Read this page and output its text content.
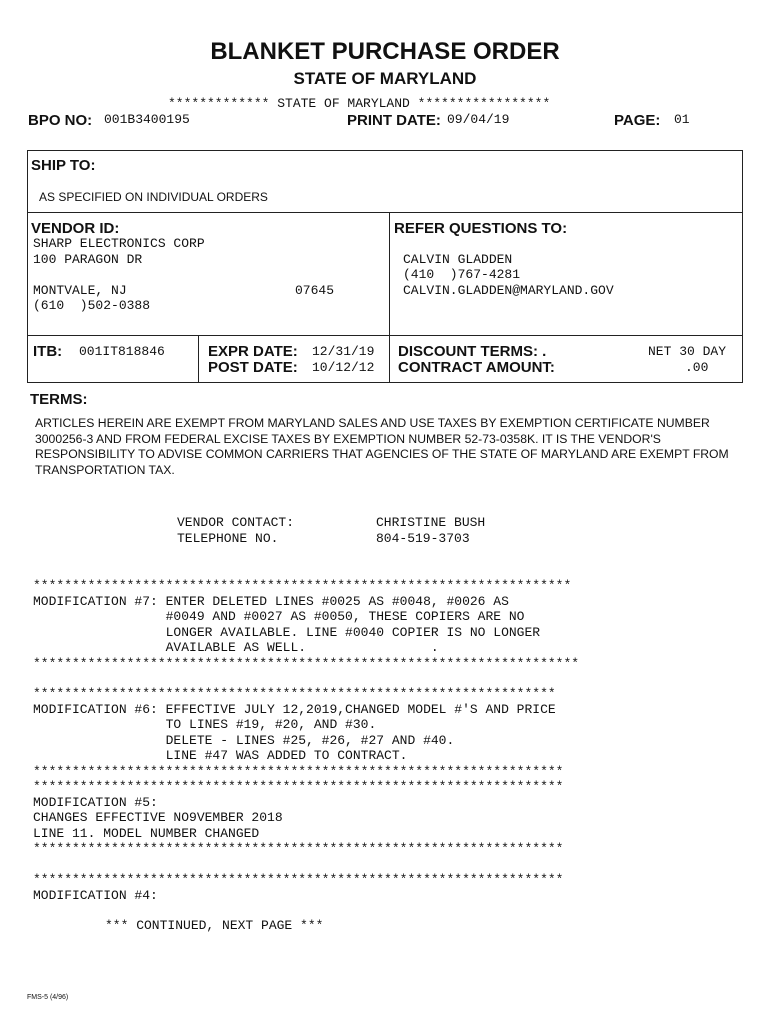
BLANKET PURCHASE ORDER
STATE OF MARYLAND
************* STATE OF MARYLAND *****************
BPO NO: 001B3400195	PRINT DATE: 09/04/19	PAGE: 01
SHIP TO:
AS SPECIFIED ON INDIVIDUAL ORDERS
VENDOR ID:
SHARP ELECTRONICS CORP
100 PARAGON DR
MONTVALE, NJ	07645
(610  )502-0388
REFER QUESTIONS TO:
CALVIN GLADDEN
(410  )767-4281
CALVIN.GLADDEN@MARYLAND.GOV
ITB: 001IT818846	EXPR DATE: 12/31/19
POST DATE: 10/12/12
DISCOUNT TERMS: .	NET 30 DAY
CONTRACT AMOUNT:	.00
TERMS:
ARTICLES HEREIN ARE EXEMPT FROM MARYLAND SALES AND USE TAXES BY EXEMPTION CERTIFICATE NUMBER 3000256-3 AND FROM FEDERAL EXCISE TAXES BY EXEMPTION NUMBER 52-73-0358K. IT IS THE VENDOR'S RESPONSIBILITY TO ADVISE COMMON CARRIERS THAT AGENCIES OF THE STATE OF MARYLAND ARE EXEMPT FROM TRANSPORTATION TAX.
VENDOR CONTACT:	CHRISTINE BUSH
TELEPHONE NO.	804-519-3703
*********************************************************************
MODIFICATION #7: ENTER DELETED LINES #0025 AS #0048, #0026 AS
#0049 AND #0027 AS #0050, THESE COPIERS ARE NO
LONGER AVAILABLE. LINE #0040 COPIER IS NO LONGER
AVAILABLE AS WELL.                .
**********************************************************************
*******************************************************************
MODIFICATION #6: EFFECTIVE JULY 12,2019,CHANGED MODEL #'S AND PRICE
TO LINES #19, #20, AND #30.
DELETE - LINES #25, #26, #27 AND #40.
LINE #47 WAS ADDED TO CONTRACT.
********************************************************************
********************************************************************
MODIFICATION #5:
CHANGES EFFECTIVE NO9VEMBER 2018
LINE 11. MODEL NUMBER CHANGED
********************************************************************
********************************************************************
MODIFICATION #4:
*** CONTINUED, NEXT PAGE ***
FMS-5 (4/96)
